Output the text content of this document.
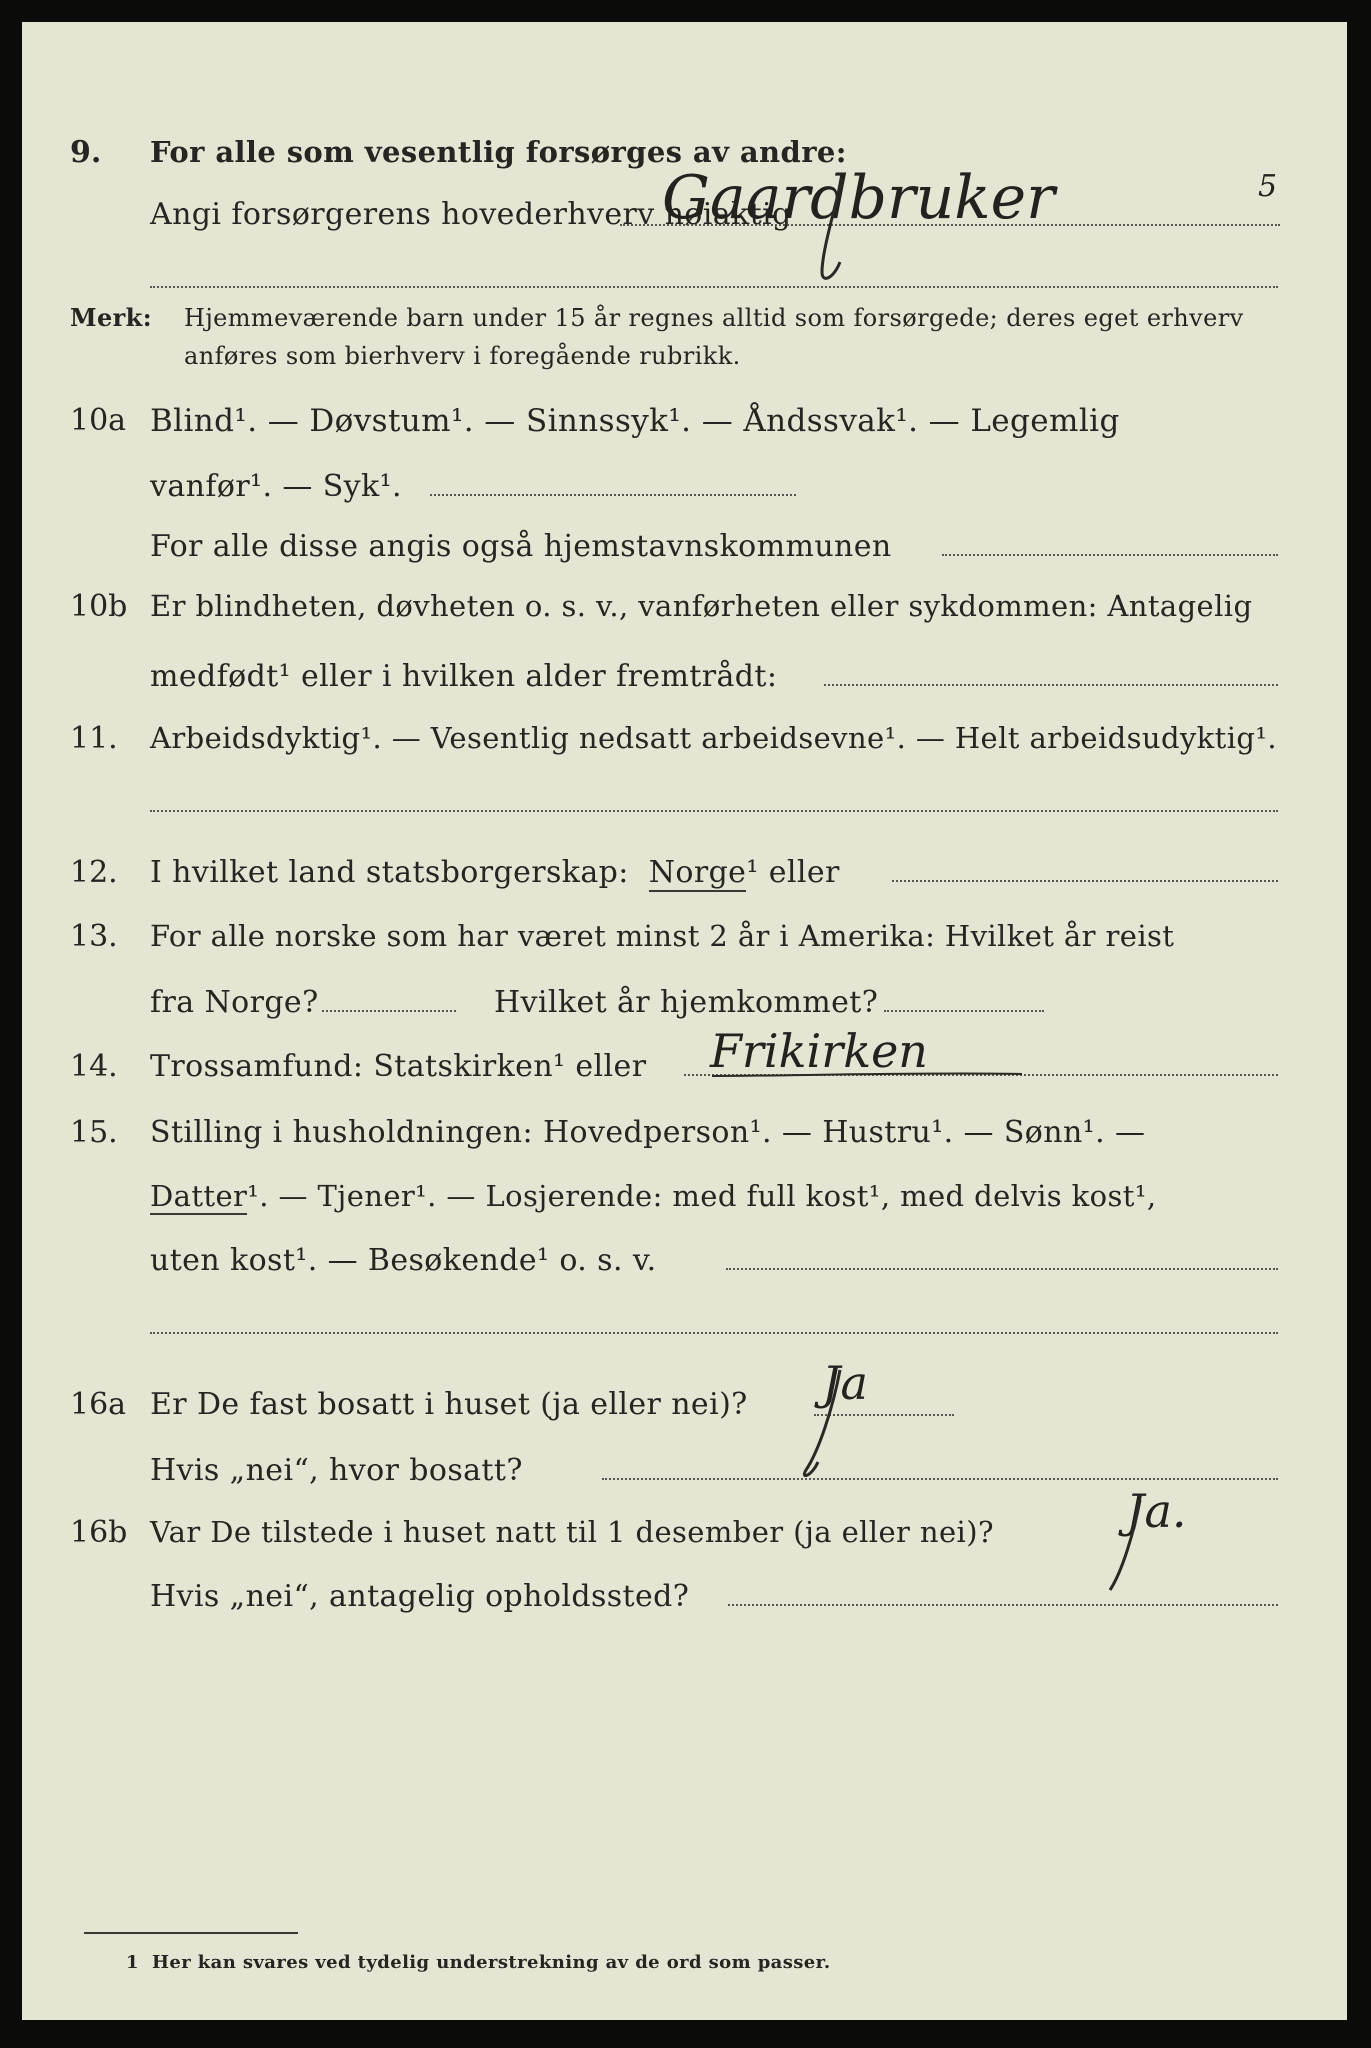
9. For alle som vesentlig forsørges av andre:
Angi forsørgerens hovederhverv nøiaktig
Gaardbruker	5
Merk: Hjemmeværende barn under 15 år regnes alltid som forsørgede; deres eget erhverv
anføres som bierhverv i foregående rubrikk.
10a Blind¹. — Døvstum¹. — Sinnssyk¹. — Åndssvak¹. — Legemlig
vanfør¹. — Syk¹.
For alle disse angis også hjemstavnskommunen
10b Er blindheten, døvheten o. s. v., vanførheten eller sykdommen: Antagelig
medfødt¹ eller i hvilken alder fremtrådt:
11. Arbeidsdyktig¹. — Vesentlig nedsatt arbeidsevne¹. — Helt arbeidsudyktig¹.
12. I hvilket land statsborgerskap: Norge¹ eller
13. For alle norske som har været minst 2 år i Amerika: Hvilket år reist
fra Norge?	Hvilket år hjemkommet?
14. Trossamfund: Statskirken¹ eller Frikirken
15. Stilling i husholdningen: Hovedperson¹. — Hustru¹. — Sønn¹. —
Datter¹. — Tjener¹. — Losjerende: med full kost¹, med delvis kost¹,
uten kost¹. — Besøkende¹ o. s. v.
16a Er De fast bosatt i huset (ja eller nei)? Ja
Hvis „nei“, hvor bosatt?
16b Var De tilstede i huset natt til 1 desember (ja eller nei)?	Ja.
Hvis „nei“, antagelig opholdssted?
1 Her kan svares ved tydelig understrekning av de ord som passer.
